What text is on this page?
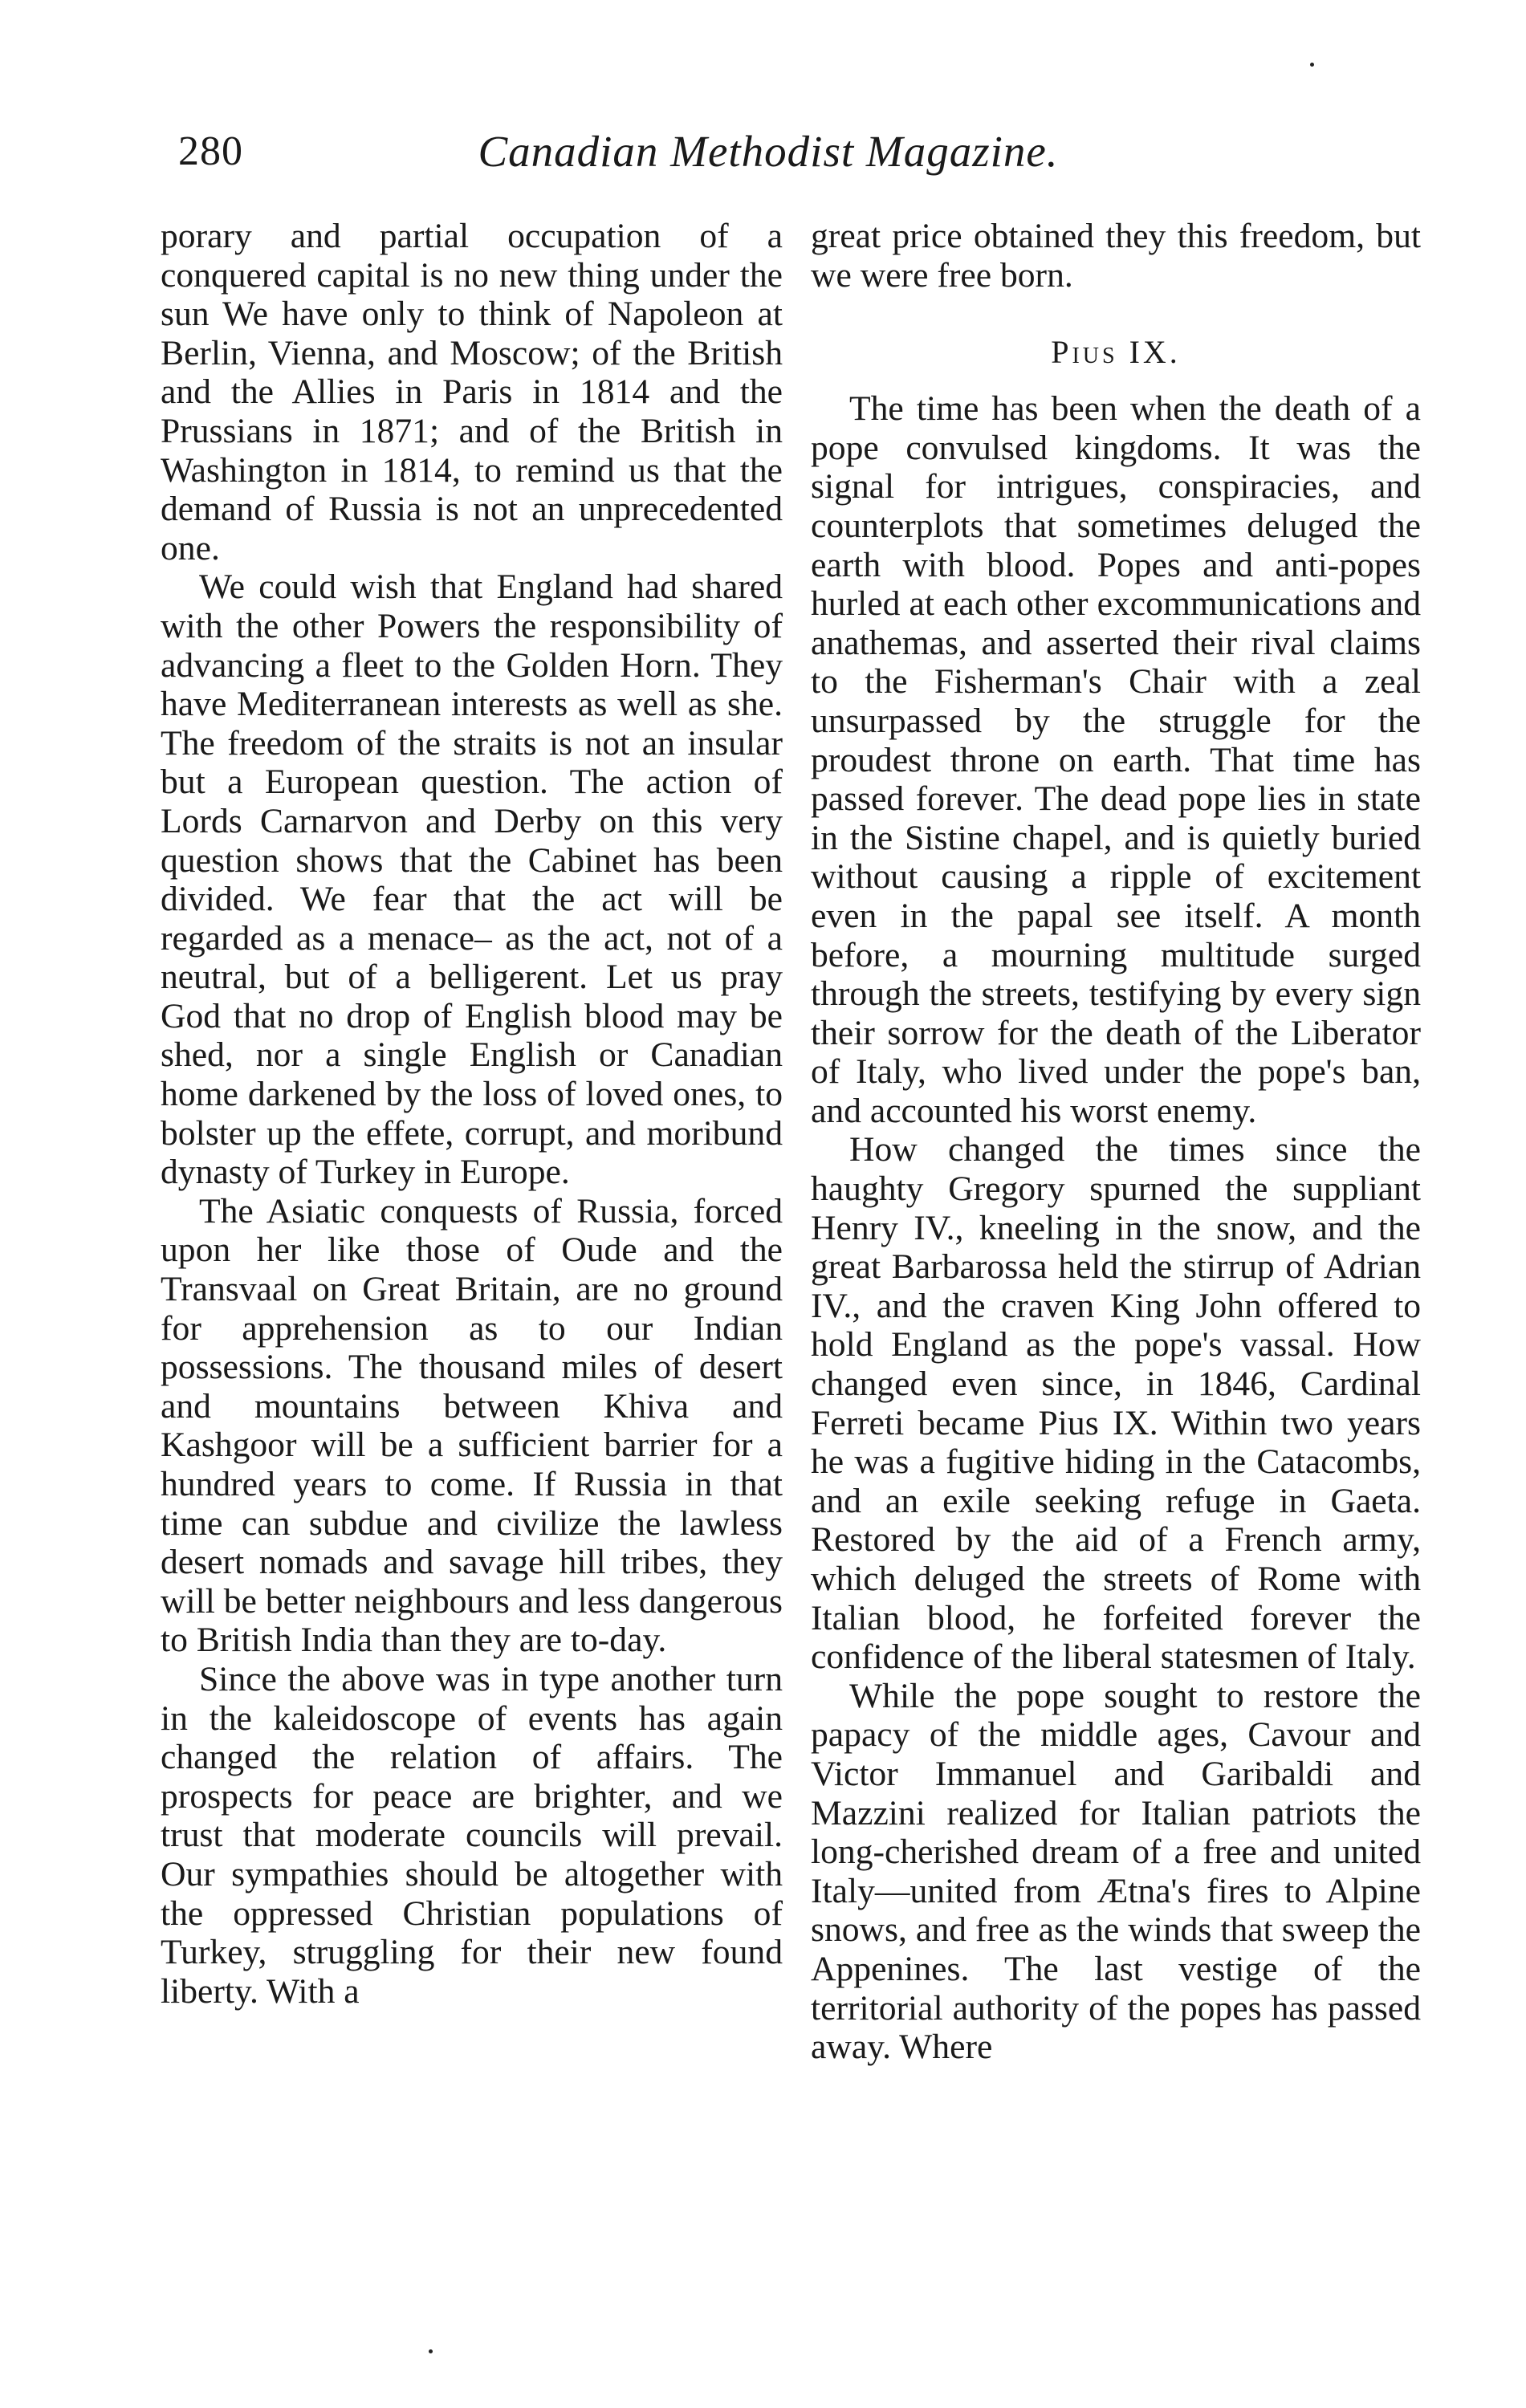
280	Canadian Methodist Magazine.

porary and partial occupation of a conquered capital is no new thing under the sun We have only to think of Napoleon at Berlin, Vienna, and Moscow; of the British and the Allies in Paris in 1814 and the Prussians in 1871; and of the British in Washington in 1814, to remind us that the demand of Russia is not an unprecedented one.

We could wish that England had shared with the other Powers the responsibility of advancing a fleet to the Golden Horn. They have Mediterranean interests as well as she. The freedom of the straits is not an insular but a European question. The action of Lords Carnarvon and Derby on this very question shows that the Cabinet has been divided. We fear that the act will be regarded as a menace– as the act, not of a neutral, but of a belligerent. Let us pray God that no drop of English blood may be shed, nor a single English or Canadian home darkened by the loss of loved ones, to bolster up the effete, corrupt, and moribund dynasty of Turkey in Europe.

The Asiatic conquests of Russia, forced upon her like those of Oude and the Transvaal on Great Britain, are no ground for apprehension as to our Indian possessions. The thousand miles of desert and mountains between Khiva and Kashgoor will be a sufficient barrier for a hundred years to come. If Russia in that time can subdue and civilize the lawless desert nomads and savage hill tribes, they will be better neighbours and less dangerous to British India than they are to-day.

Since the above was in type another turn in the kaleidoscope of events has again changed the relation of affairs. The prospects for peace are brighter, and we trust that moderate councils will prevail. Our sympathies should be altogether with the oppressed Christian populations of Turkey, struggling for their new found liberty. With a

great price obtained they this freedom, but we were free born.

Pius IX.

The time has been when the death of a pope convulsed kingdoms. It was the signal for intrigues, conspiracies, and counterplots that sometimes deluged the earth with blood. Popes and anti-popes hurled at each other excommunications and anathemas, and asserted their rival claims to the Fisherman's Chair with a zeal unsurpassed by the struggle for the proudest throne on earth. That time has passed forever. The dead pope lies in state in the Sistine chapel, and is quietly buried without causing a ripple of excitement even in the papal see itself. A month before, a mourning multitude surged through the streets, testifying by every sign their sorrow for the death of the Liberator of Italy, who lived under the pope's ban, and accounted his worst enemy.

How changed the times since the haughty Gregory spurned the suppliant Henry IV., kneeling in the snow, and the great Barbarossa held the stirrup of Adrian IV., and the craven King John offered to hold England as the pope's vassal. How changed even since, in 1846, Cardinal Ferreti became Pius IX. Within two years he was a fugitive hiding in the Catacombs, and an exile seeking refuge in Gaeta. Restored by the aid of a French army, which deluged the streets of Rome with Italian blood, he forfeited forever the confidence of the liberal statesmen of Italy.

While the pope sought to restore the papacy of the middle ages, Cavour and Victor Immanuel and Garibaldi and Mazzini realized for Italian patriots the long-cherished dream of a free and united Italy—united from Ætna's fires to Alpine snows, and free as the winds that sweep the Appenines. The last vestige of the territorial authority of the popes has passed away. Where
